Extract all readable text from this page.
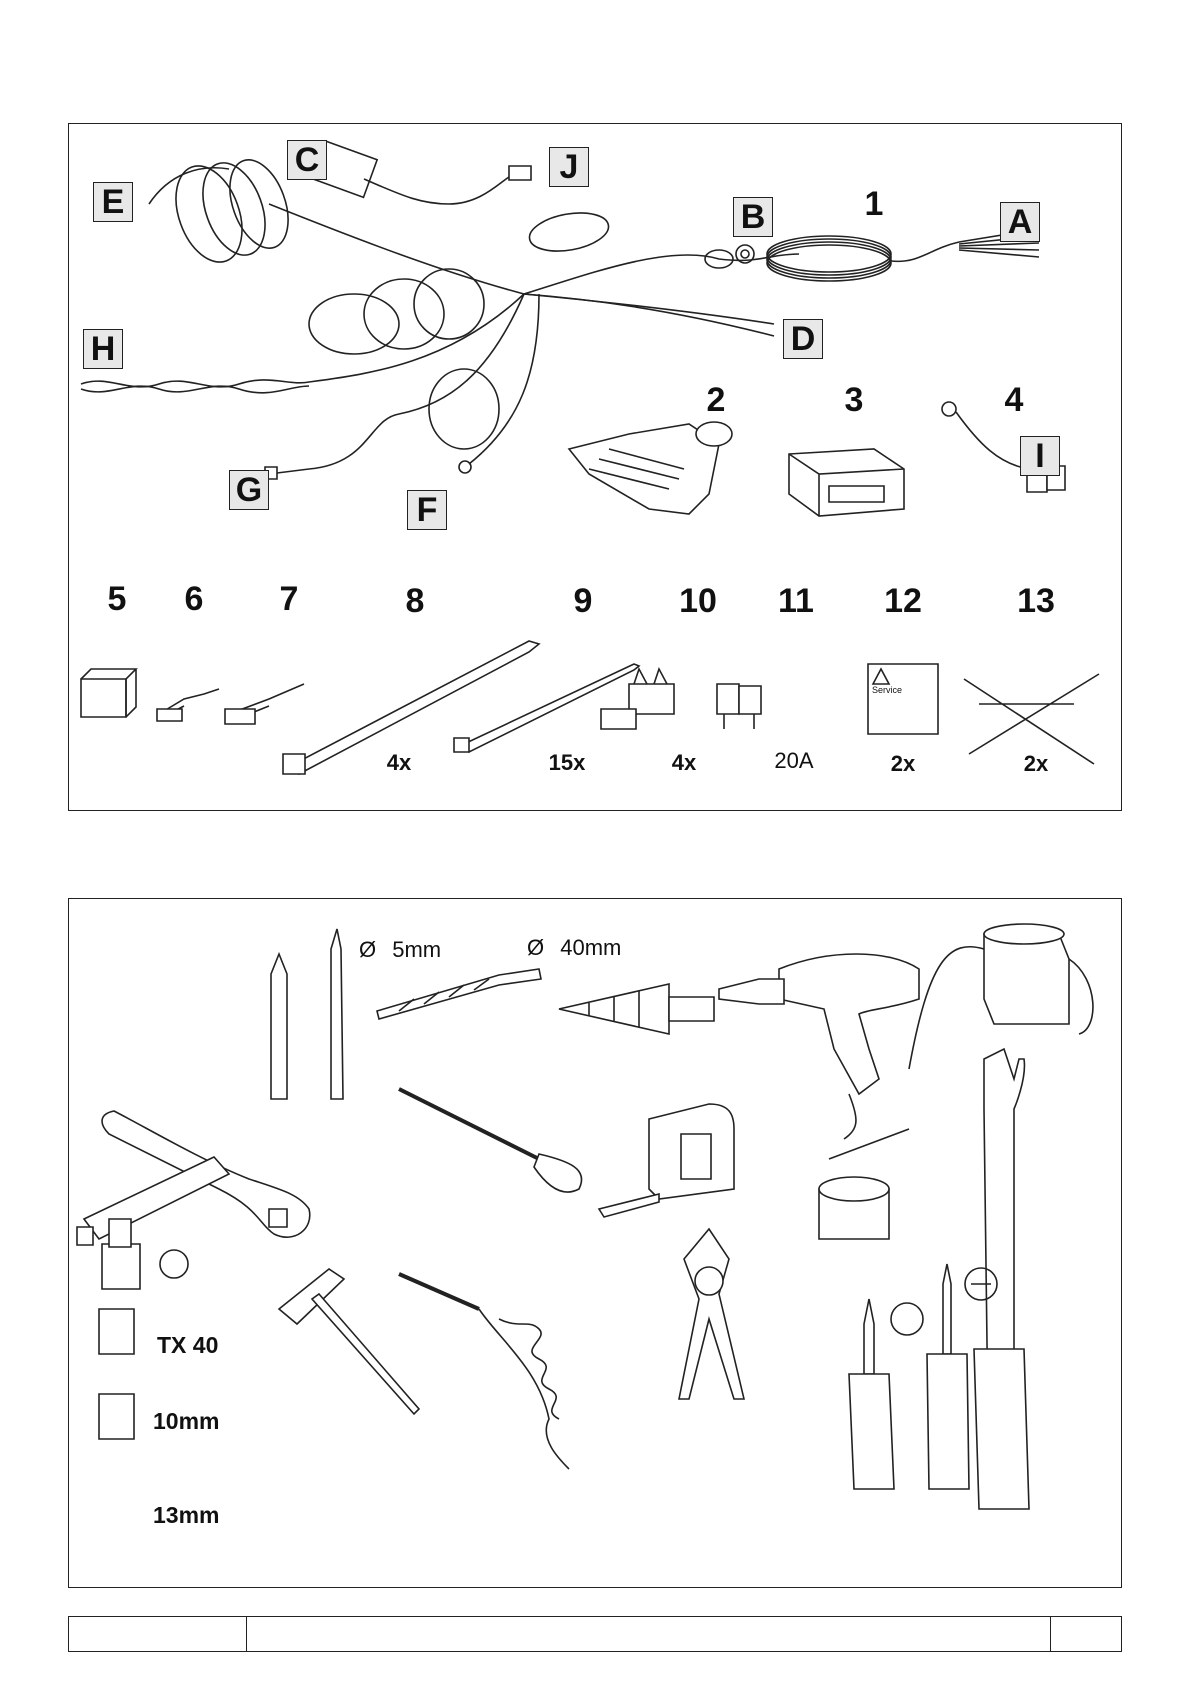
C	J
E	B	A
D
H
I
G
F
1
2	3	4
5	6	7	8	9	10	11	12	13
4x	15x	4x	20A	2x	2x
Service
Ø 5mm	Ø 40mm
TX 40
10mm
13mm
